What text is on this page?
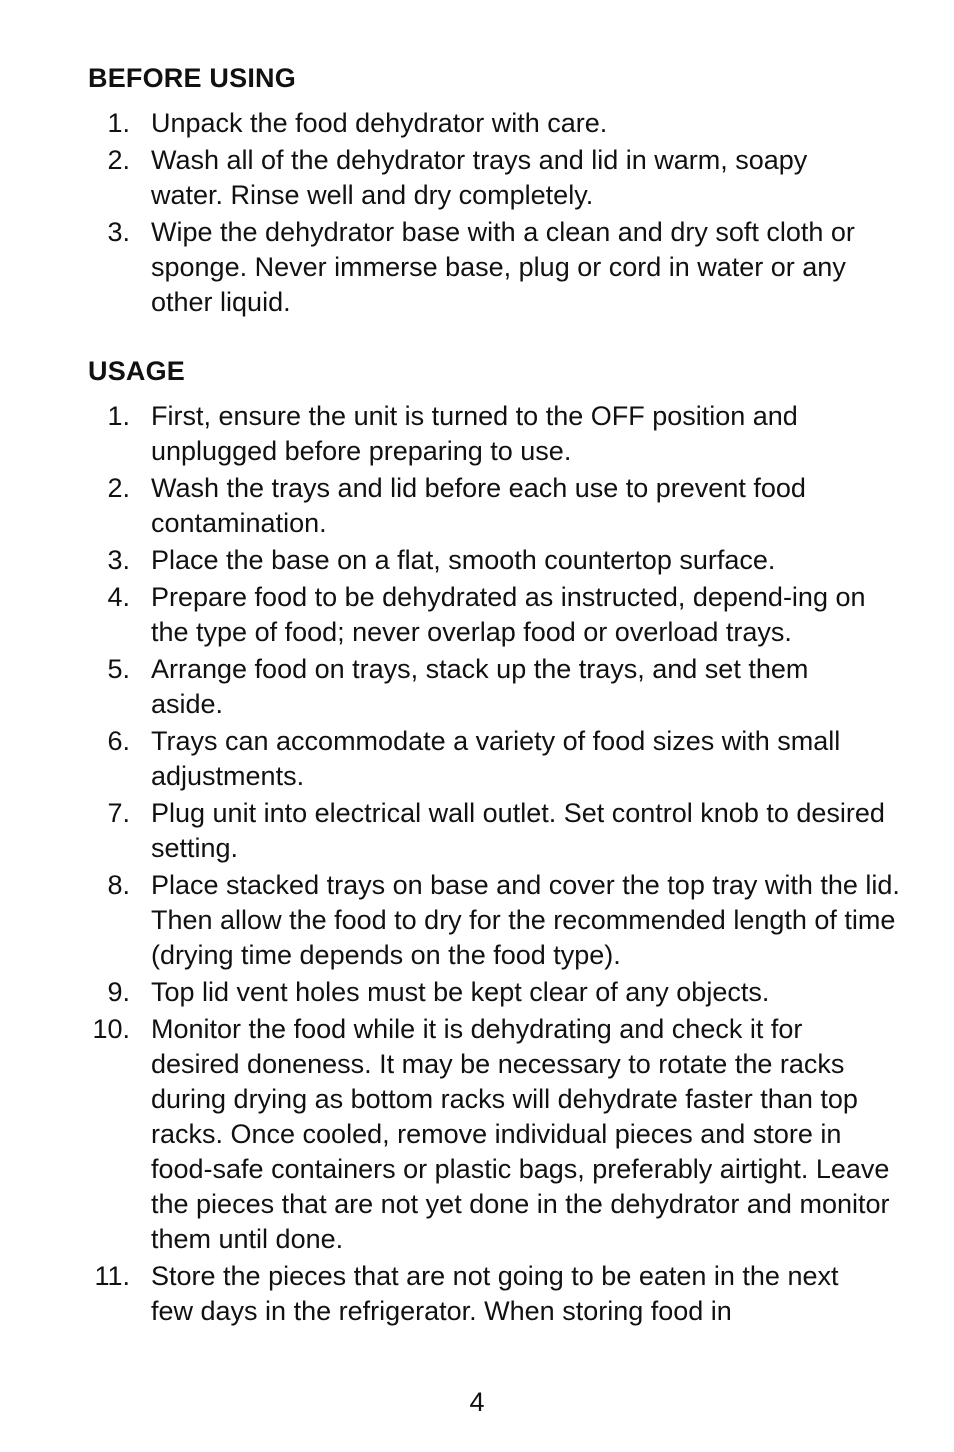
BEFORE USING
1. Unpack the food dehydrator with care.
2. Wash all of the dehydrator trays and lid in warm, soapy water. Rinse well and dry completely.
3. Wipe the dehydrator base with a clean and dry soft cloth or sponge. Never immerse base, plug or cord in water or any other liquid.
USAGE
1. First, ensure the unit is turned to the OFF position and unplugged before preparing to use.
2. Wash the trays and lid before each use to prevent food contamination.
3. Place the base on a flat, smooth countertop surface.
4. Prepare food to be dehydrated as instructed, depend-ing on the type of food; never overlap food or overload trays.
5. Arrange food on trays, stack up the trays, and set them aside.
6. Trays can accommodate a variety of food sizes with small adjustments.
7. Plug unit into electrical wall outlet. Set control knob to desired setting.
8. Place stacked trays on base and cover the top tray with the lid. Then allow the food to dry for the recommended length of time (drying time depends on the food type).
9. Top lid vent holes must be kept clear of any objects.
10. Monitor the food while it is dehydrating and check it for desired doneness. It may be necessary to rotate the racks during drying as bottom racks will dehydrate faster than top racks. Once cooled, remove individual pieces and store in food-safe containers or plastic bags, preferably airtight. Leave the pieces that are not yet done in the dehydrator and monitor them until done.
11. Store the pieces that are not going to be eaten in the next few days in the refrigerator. When storing food in
4
